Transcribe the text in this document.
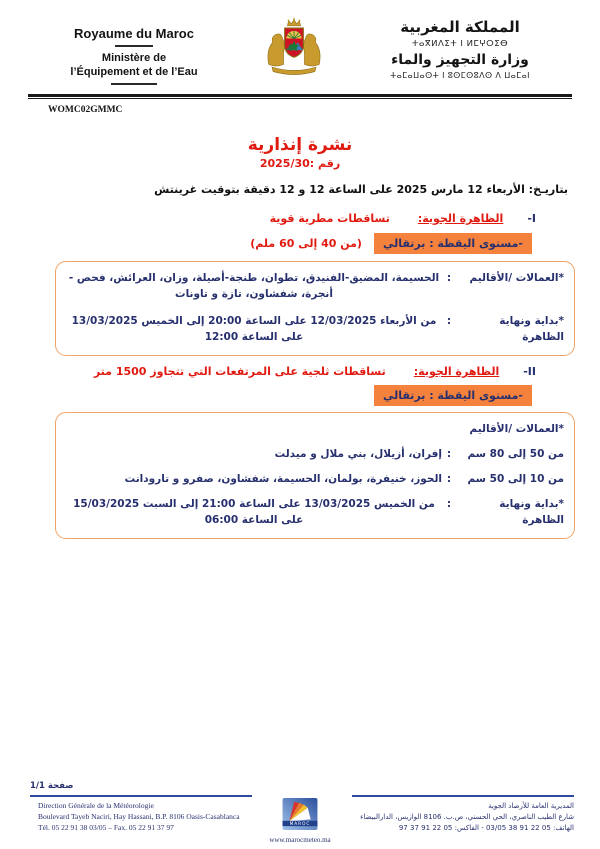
Royaume du Maroc
Ministère de
l’Équipement et de l’Eau
المملكة المغربية
ⵜⴰⴳⵍⴷⵉⵜ ⵏ ⵍⵎⵖⵔⵉⴱ
وزارة التجهيز والماء
ⵜⴰⵎⴰⵡⴰⵙⵜ ⵏ ⵓⵙⵎⵙⵓⴷⵙ ⴷ ⵡⴰⵎⴰⵏ
WOMC02GMMC
نشرة إنذارية
رقم :2025/30
بتاريـخ: الأربعاء 12 مارس 2025 على الساعة 12 و 12 دقيقة بتوقيت غرينتش
-I
الظاهرة الجوية:
تساقطات مطرية قوية
-مستوى اليقظة : برتقالي
(من 40 إلى 60 ملم)
*العمالات /الأقاليم
:
الحسيمة، المضيق-الفنيدق، تطوان، طنجة-أصيلة، وزان، العرائش، فحص - أنجرة، شفشاون، تازة و تاونات
*بداية ونهاية الظاهرة
:
من الأربعاء 12/03/2025 على الساعة 20:00 إلى الخميس 13/03/2025 على الساعة 12:00
-II
الظاهرة الجوية:
تساقطات ثلجية على المرتفعات التي تتجاوز 1500 متر
-مستوى اليقظة : برتقالي
*العمالات /الأقاليم
من 50 إلى 80 سم
:
إفران، أزيلال، بني ملال و ميدلت
من 10 إلى 50 سم
:
الحوز، خنيفرة، بولمان، الحسيمة، شفشاون، صفرو و تارودانت
*بداية ونهاية الظاهرة
:
من الخميس 13/03/2025 على الساعة 21:00 إلى السبت 15/03/2025 على الساعة 06:00
صفحة 1/1
Direction Générale de la Météorologie
Boulevard Tayeb Naciri, Hay Hassani, B.P. 8106 Oasis-Casablanca
Tél. 05 22 91 38 03/05 – Fax. 05 22 91 37 97	MAROC
www.marocmeteo.ma
المديرية العامة للأرصاد الجوية
شارع الطيب الناصري، الحي الحسني، ص.ب. 8106 الوازيس، الدارالبيضاء
الهاتف: 05 22 91 38 03/05 - الفاكس: 05 22 91 37 97
